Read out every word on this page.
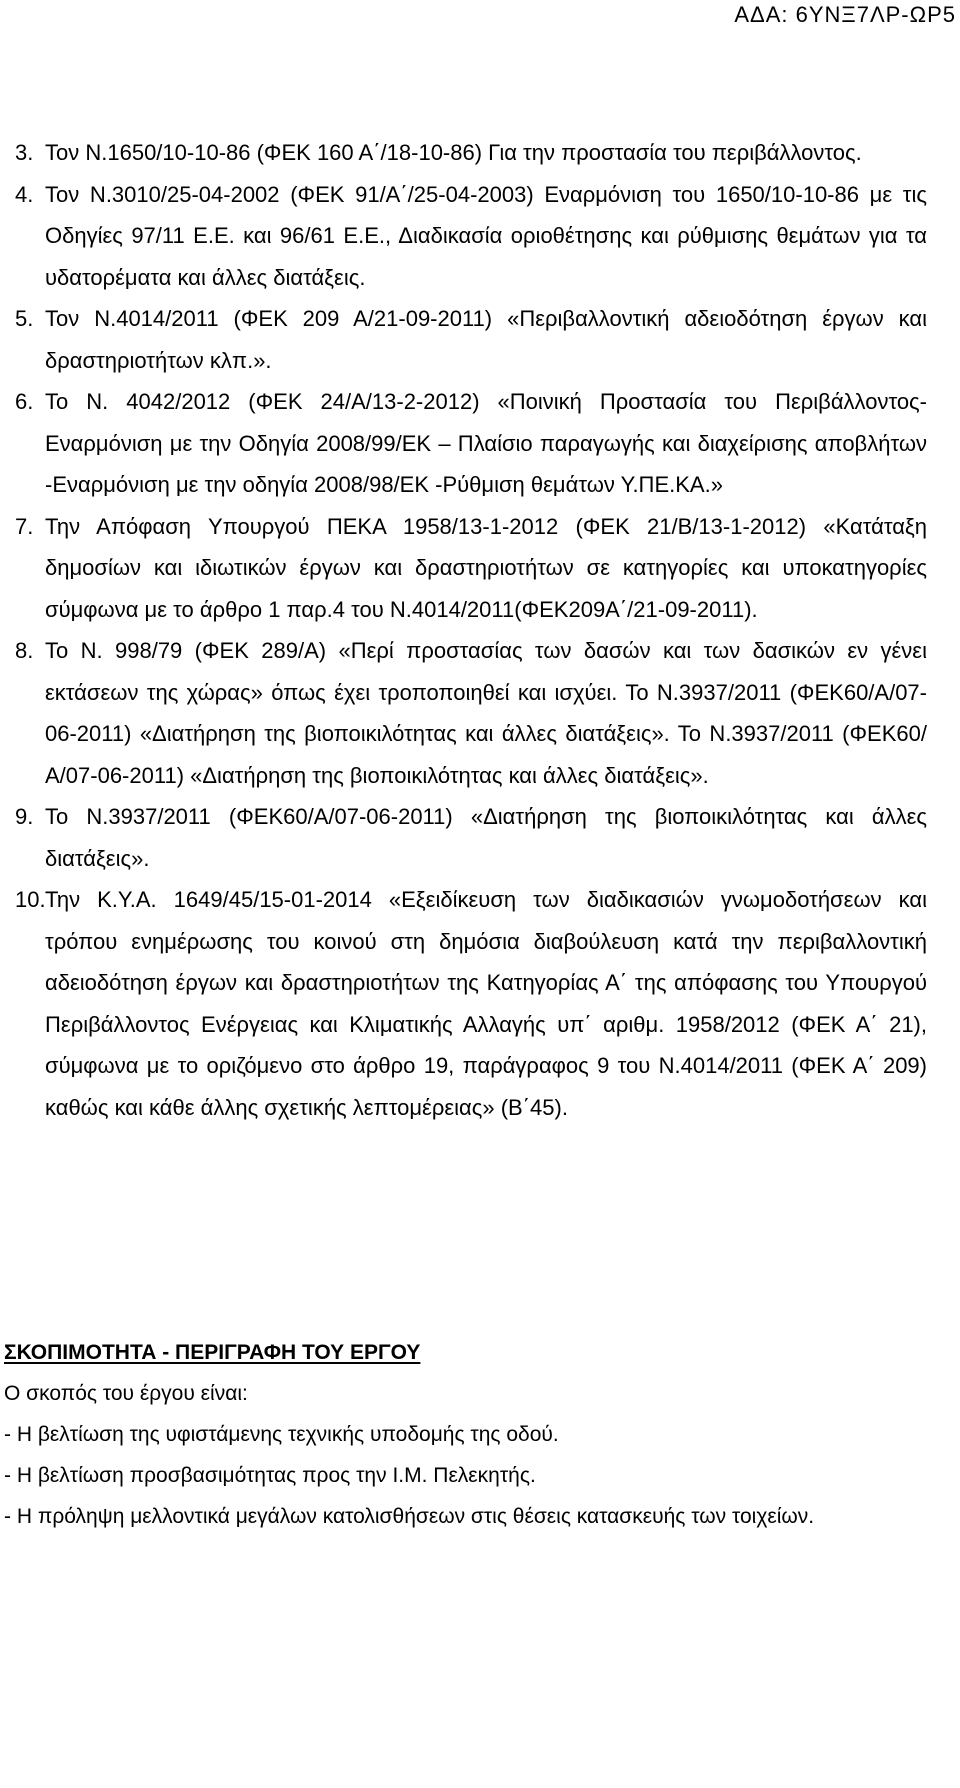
ΑΔΑ: 6ΥΝΞ7ΛΡ-ΩΡ5

3. Τον Ν.1650/10-10-86 (ΦΕΚ 160 Α΄/18-10-86) Για την προστασία του περιβάλλοντος.

4. Τον Ν.3010/25-04-2002 (ΦΕΚ 91/Α΄/25-04-2003) Εναρμόνιση του 1650/10-10-86 με τις Οδηγίες 97/11 Ε.Ε. και 96/61 Ε.Ε., Διαδικασία οριοθέτησης και ρύθμισης θεμάτων για τα υδατορέματα και άλλες διατάξεις.

5. Τον Ν.4014/2011 (ΦΕΚ 209 Α/21-09-2011) «Περιβαλλοντική αδειοδότηση έργων και δραστηριοτήτων κλπ.».

6. Το Ν. 4042/2012 (ΦΕΚ 24/Α/13-2-2012) «Ποινική Προστασία του Περιβάλλοντος-Εναρμόνιση με την Οδηγία 2008/99/ΕΚ – Πλαίσιο παραγωγής και διαχείρισης αποβλήτων -Εναρμόνιση με την οδηγία 2008/98/ΕΚ -Ρύθμιση θεμάτων Υ.ΠΕ.ΚΑ.»

7. Την Απόφαση Υπουργού ΠΕΚΑ 1958/13-1-2012 (ΦΕΚ 21/Β/13-1-2012) «Κατάταξη δημοσίων και ιδιωτικών έργων και δραστηριοτήτων σε κατηγορίες και υποκατηγορίες σύμφωνα με το άρθρο 1 παρ.4 του Ν.4014/2011(ΦΕΚ209Α΄/21-09-2011).

8. Το Ν. 998/79 (ΦΕΚ 289/Α) «Περί προστασίας των δασών και των δασικών εν γένει εκτάσεων της χώρας» όπως έχει τροποποιηθεί και ισχύει. Το Ν.3937/2011 (ΦΕΚ60/Α/07-06-2011) «Διατήρηση της βιοποικιλότητας και άλλες διατάξεις». Το Ν.3937/2011 (ΦΕΚ60/Α/07-06-2011) «Διατήρηση της βιοποικιλότητας και άλλες διατάξεις».

9. Το Ν.3937/2011 (ΦΕΚ60/Α/07-06-2011) «Διατήρηση της βιοποικιλότητας και άλλες διατάξεις».

10.Την Κ.Υ.Α. 1649/45/15-01-2014 «Εξειδίκευση των διαδικασιών γνωμοδοτήσεων και τρόπου ενημέρωσης του κοινού στη δημόσια διαβούλευση κατά την περιβαλλοντική αδειοδότηση έργων και δραστηριοτήτων της Κατηγορίας Α΄ της απόφασης του Υπουργού Περιβάλλοντος Ενέργειας και Κλιματικής Αλλαγής υπ΄ αριθμ. 1958/2012 (ΦΕΚ Α΄ 21), σύμφωνα με το οριζόμενο στο άρθρο 19, παράγραφος 9 του Ν.4014/2011 (ΦΕΚ Α΄ 209) καθώς και κάθε άλλης σχετικής λεπτομέρειας» (Β΄45).

ΣΚΟΠΙΜΟΤΗΤΑ - ΠΕΡΙΓΡΑΦΗ ΤΟΥ ΕΡΓΟΥ
Ο σκοπός του έργου είναι:

- Η βελτίωση της υφιστάμενης τεχνικής υποδομής της οδού.

- Η βελτίωση προσβασιμότητας προς την Ι.Μ. Πελεκητής.

- Η πρόληψη μελλοντικά μεγάλων κατολισθήσεων στις θέσεις κατασκευής των τοιχείων.
